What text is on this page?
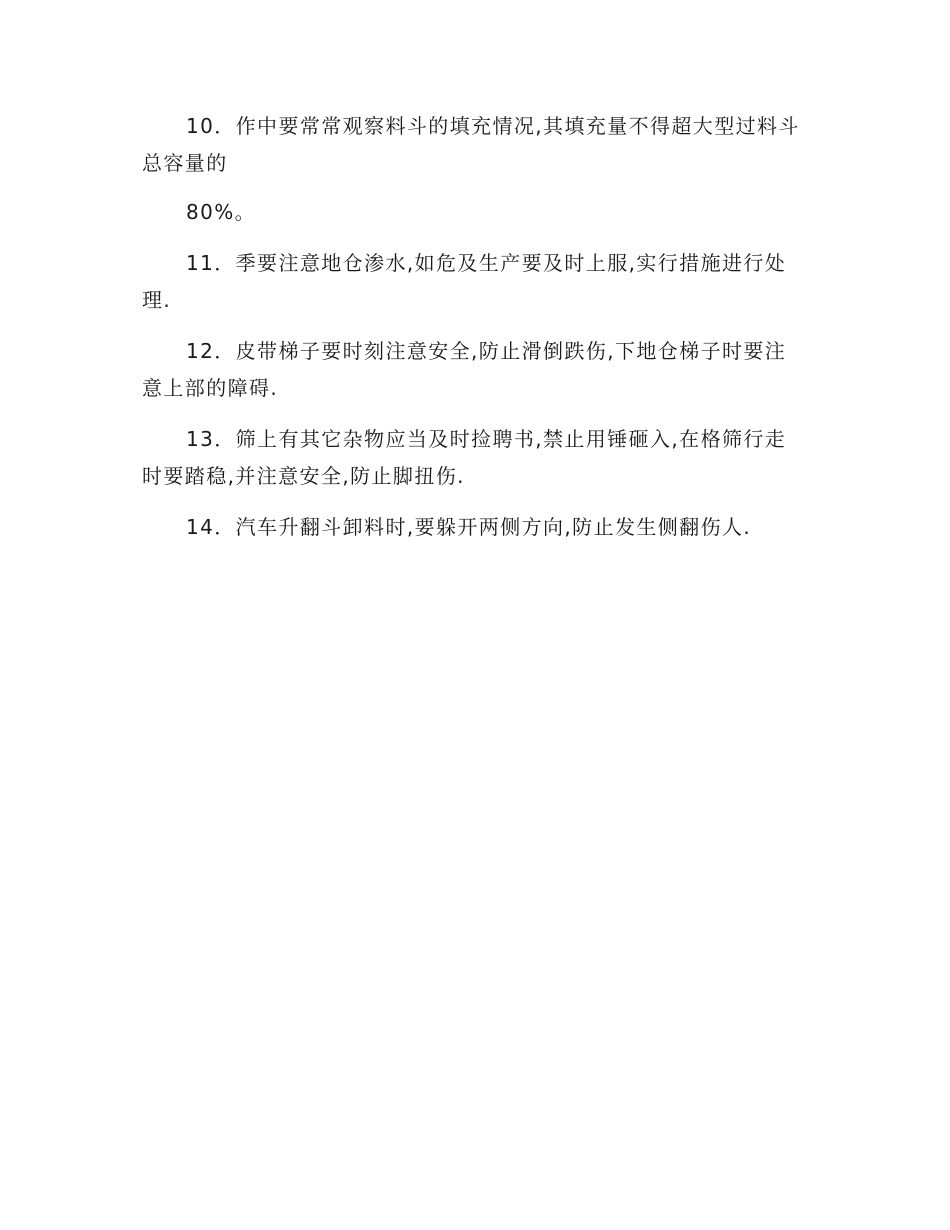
10．作中要常常观察料斗的填充情况,其填充量不得超大型过料斗总容量的

80%。

11．季要注意地仓渗水,如危及生产要及时上服,实行措施进行处理.

12．皮带梯子要时刻注意安全,防止滑倒跌伤,下地仓梯子时要注意上部的障碍.

13．筛上有其它杂物应当及时捡聘书,禁止用锤砸入,在格筛行走时要踏稳,并注意安全,防止脚扭伤.

14．汽车升翻斗卸料时,要躲开两侧方向,防止发生侧翻伤人.
